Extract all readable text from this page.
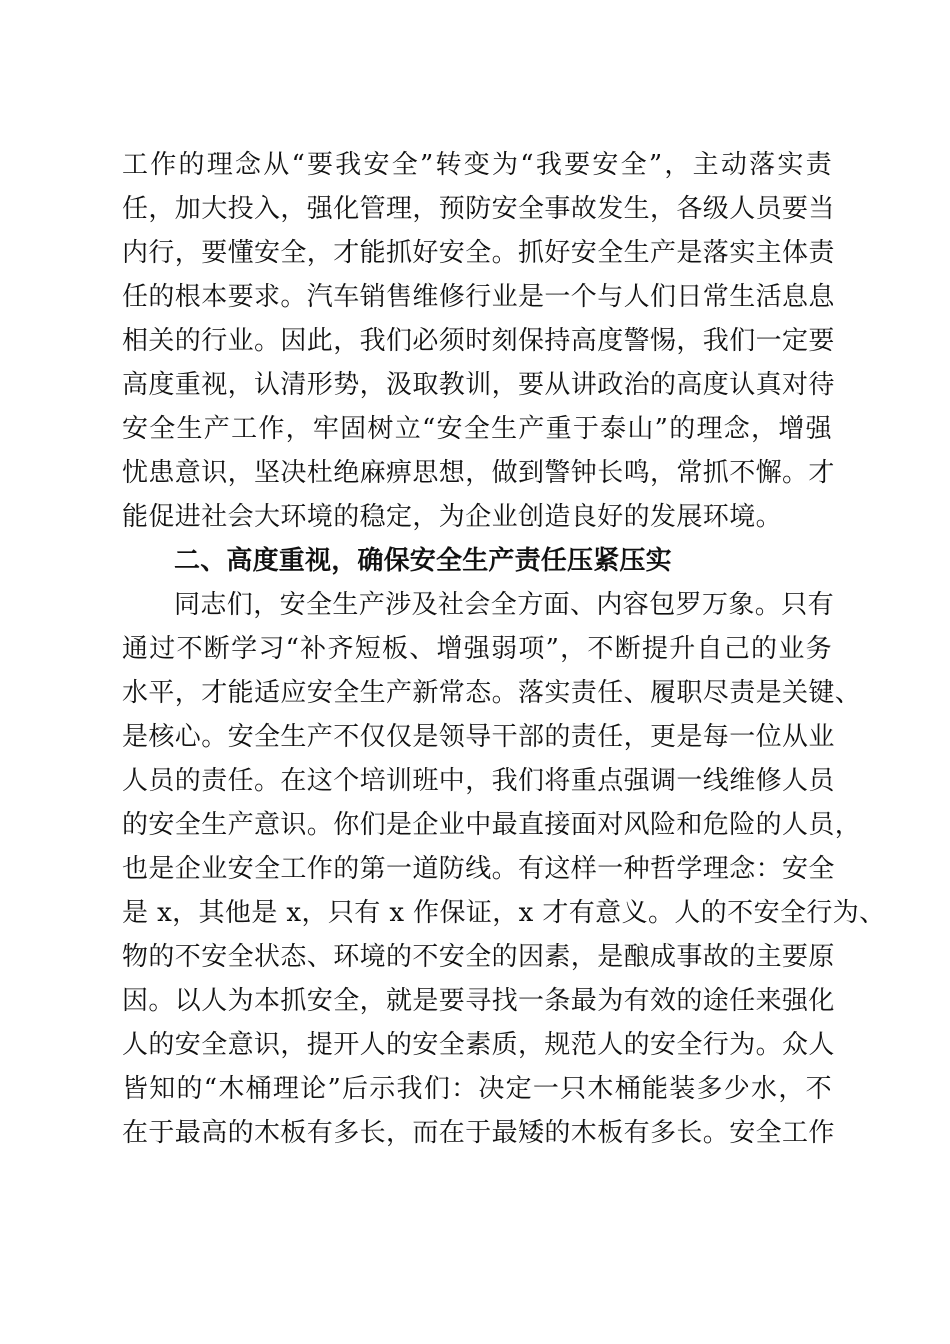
工作的理念从“要我安全”转变为“我要安全”，主动落实责
任，加大投入，强化管理，预防安全事故发生，各级人员要当
内行，要懂安全，才能抓好安全。抓好安全生产是落实主体责
任的根本要求。汽车销售维修行业是一个与人们日常生活息息
相关的行业。因此，我们必须时刻保持高度警惕，我们一定要
高度重视，认清形势，汲取教训，要从讲政治的高度认真对待
安全生产工作，牢固树立“安全生产重于泰山”的理念，增强
忧患意识，坚决杜绝麻痹思想，做到警钟长鸣，常抓不懈。才
能促进社会大环境的稳定，为企业创造良好的发展环境。
二、高度重视，确保安全生产责任压紧压实
同志们，安全生产涉及社会全方面、内容包罗万象。只有
通过不断学习“补齐短板、增强弱项”，不断提升自己的业务
水平，才能适应安全生产新常态。落实责任、履职尽责是关键、
是核心。安全生产不仅仅是领导干部的责任，更是每一位从业
人员的责任。在这个培训班中，我们将重点强调一线维修人员
的安全生产意识。你们是企业中最直接面对风险和危险的人员，
也是企业安全工作的第一道防线。有这样一种哲学理念：安全
是 x，其他是 x，只有 x 作保证，x 才有意义。人的不安全行为、
物的不安全状态、环境的不安全的因素，是酿成事故的主要原
因。以人为本抓安全，就是要寻找一条最为有效的途任来强化
人的安全意识，提开人的安全素质，规范人的安全行为。众人
皆知的“木桶理论”后示我们：决定一只木桶能装多少水，不
在于最高的木板有多长，而在于最矮的木板有多长。安全工作
